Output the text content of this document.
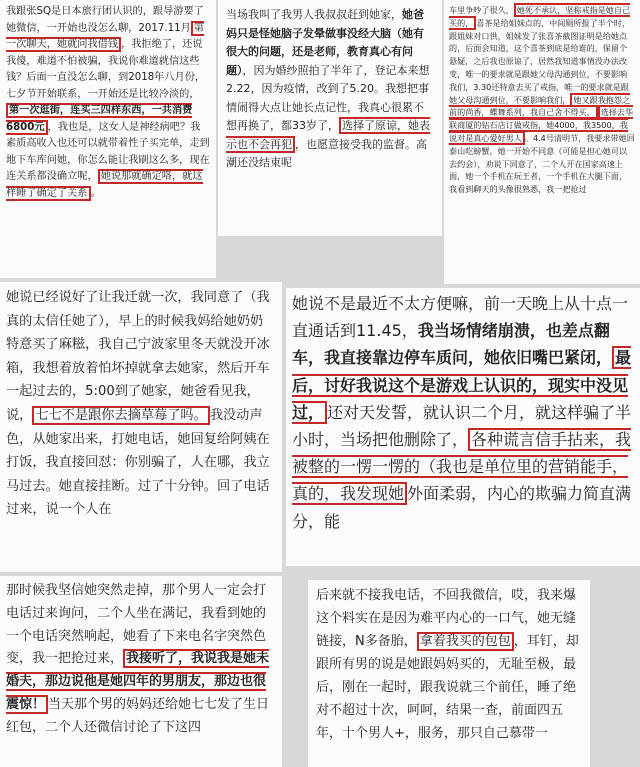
我跟张SQ是日本旅行团认识的，跟导游要了她微信，一开始也没怎么聊，2017.11月 第一次聊天，她就问我借钱 ，我拒绝了，还说我傻，难道不怕被骗，我说你难道就信这些钱？后面一直没怎么聊，到2018年八月份，七夕节开始联系，一开始还是比较冷淡的，第一次逛街，连买三四样东西，一共消费6800元 ，我也是，这女人是神经病吧？我素质高收入也还可以就带着性子买完单，走到地下车库问她，你怎么能让我刷这么多，现在连关系都没确立呢， 她说那就确定咯，就这样睡了确定了关系 。

当场我叫了我男人我叔叔赶到她家，她爸妈只是怪她脑子发晕做事没经大脑（她有很大的问题，还是老师，教育真心有问题），因为婚纱照拍了半年了，登记本来想2.22，因为疫情，改到了5.20。我想把事情闹得大点让她长点记性，我真心很累不想再换了，都33岁了， 选择了原谅，她表示也不会再犯 ，也愿意接受我的监督。高潮还没结束呢

车里争吵了很久， 她死不承认，坚称戒指是她自己买的， 喜茶是给姐妹点的，中间厕所报了半个时，跟姐妹对口供，姐妹发了张喜茶截图证明是给她点的，后面会知道，这个喜茶到底是给谁的，保留个悬疑，之后我也原谅了，居然我知道事情没办法改变，唯一的要求就是跟她父母沟通到位，不要影响我们，3.30还特意去买了戒指，唯一的要求就是跟她父母沟通到位，不要影响我们， 她又跟我抱怨之前的尚香，蝶舞系列，我自己舍不得买， 选择去华联商厦的钻石店订做戒指，她4000，我3500，我说对是真心爱好男人 。4.4号清明节，我要求带她回泰山吃螃蟹，她一开始不同意（可能是担心她可以去约会），劝说下同意了，二个人开在国家高速上面，她一个手机在玩王者，一个手机在大腿下面，我看到聊天的头像很熟悉，我一把抢过

她说已经说好了让我迁就一次，我同意了（我真的太信任她了），早上的时候我妈给她奶奶特意买了麻糍，我自己宁波家里冬天就没开冰箱，我想着放着怕坏掉就拿去她家，然后开车一起过去的，5:00到了她家，她爸看见我，说， 七七不是跟你去摘草莓了吗。 我没动声色，从她家出来，打她电话，她回复给阿姨在打饭，我直接回怼：你别骗了，人在哪，我立马过去。她直接挂断。过了十分钟。回了电话过来，说一个人在

她说不是最近不太方便嘛，前一天晚上从十点一直通话到11.45，我当场情绪崩溃，也差点翻车，我直接靠边停车质问，她依旧嘴巴紧闭， 最后，讨好我说这个是游戏上认识的，现实中没见过， 还对天发誓，就认识二个月，就这样骗了半小时，当场把他删除了， 各种谎言信手拈来，我被整的一愣一愣的（我也是单位里的营销能手，真的，我发现她 外面柔弱，内心的欺骗力简直满分，能

那时候我坚信她突然走掉，那个男人一定会打电话过来询问，二个人坐在满记，我看到她的一个电话突然响起，她看了下来电名字突然色变，我一把抢过来， 我接听了，我说我是她未婚夫，那边说他是她四年的男朋友，那边也很震惊！ 当天那个男的妈妈还给她七七发了生日红包，二个人还微信讨论了下这四

后来就不接我电话，不回我微信，哎，我来爆这个料实在是因为难平内心的一口气，她无缝链接，N多备胎， 拿着我买的包包 ，耳钉，却跟所有男的说是她跟妈妈买的，无耻至极，最后，刚在一起时，跟我说就三个前任，睡了绝对不超过十次，呵呵，结果一查，前面四五年，十个男人+，服务，那只自己慕带一
